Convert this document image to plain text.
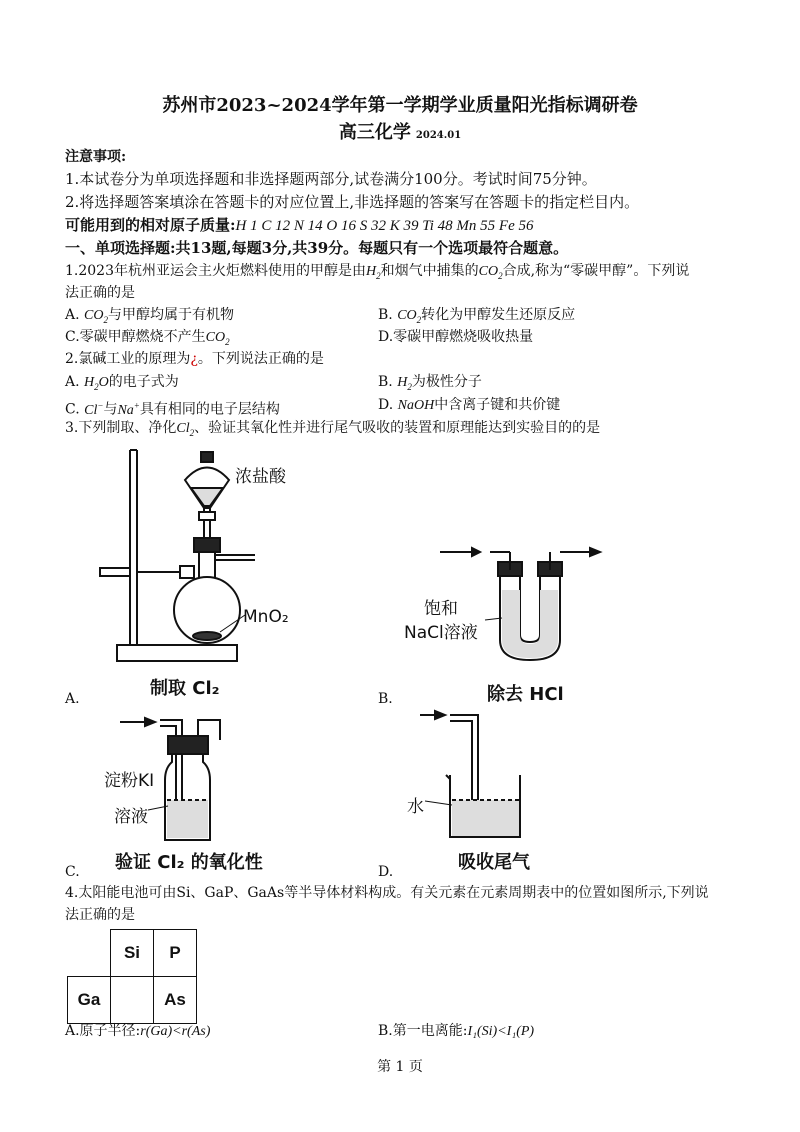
苏州市2023~2024学年第一学期学业质量阳光指标调研卷
高三化学 2024.01
注意事项:
1.本试卷分为单项选择题和非选择题两部分,试卷满分100分。考试时间75分钟。
2.将选择题答案填涂在答题卡的对应位置上,非选择题的答案写在答题卡的指定栏目内。
可能用到的相对原子质量:H 1 C 12 N 14 O 16 S 32 K 39 Ti 48 Mn 55 Fe 56
一、单项选择题:共13题,每题3分,共39分。每题只有一个选项最符合题意。
1.2023年杭州亚运会主火炬燃料使用的甲醇是由$H_2$和烟气中捕集的$CO_2$合成,称为“零碳甲醇”。下列说
法正确的是
A. $CO_2$与甲醇均属于有机物	B. $CO_2$转化为甲醇发生还原反应
C.零碳甲醇燃烧不产生$CO_2$	D.零碳甲醇燃烧吸收热量
2.氯碱工业的原理为¿。下列说法正确的是
A. $H_2O$的电子式为	B. $H_2$为极性分子
C. Cl−与Na+具有相同的电子层结构	D. NaOH中含离子键和共价键
3.下列制取、净化$Cl_2$、验证其氧化性并进行尾气吸收的装置和原理能达到实验目的的是
浓盐酸
MnO₂
制取 Cl₂
A.
饱和
NaCl溶液
除去 HCl
B.
淀粉KI
溶液
验证 Cl₂ 的氧化性
C.
水
吸收尾气
D.
4.太阳能电池可由Si、GaP、GaAs等半导体材料构成。有关元素在元素周期表中的位置如图所示,下列说
法正确的是
	Si	P
Ga		As
A.原子半径:r(Ga)<r(As)	B.第一电离能:I₁(Si)<I₁(P)
第 1 页
